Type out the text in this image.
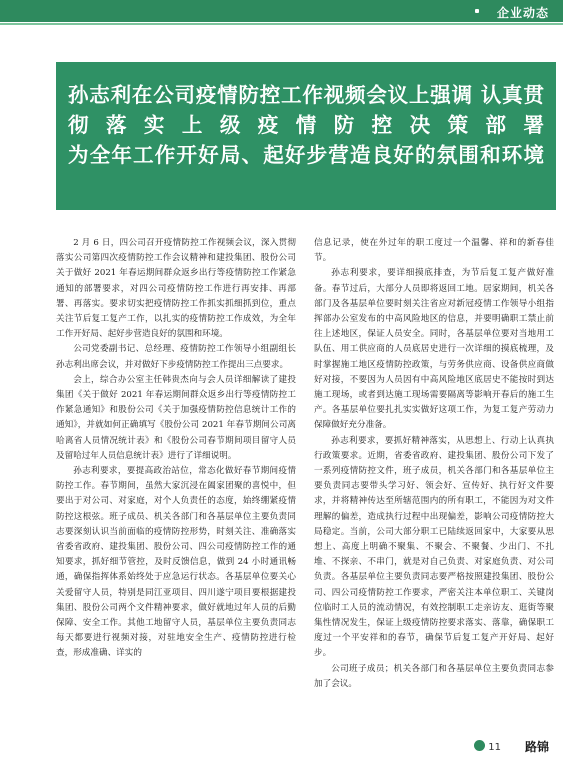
企业动态
孙志利在公司疫情防控工作视频会议上强调 认真贯
彻 落 实 上 级 疫 情 防 控 决 策 部 署
为全年工作开好局、起好步营造良好的氛围和环境

2 月 6 日，四公司召开疫情防控工作视频会议，深入贯彻落实公司第四次疫情防控工作会议精神和建投集团、股份公司关于做好 2021 年春运期间群众返乡出行等疫情防控工作紧急通知的部署要求，对四公司疫情防控工作进行再安排、再部署、再落实。要求切实把疫情防控工作抓实抓细抓到位，重点关注节后复工复产工作，以扎实的疫情防控工作成效，为全年工作开好局、起好步营造良好的氛围和环境。

公司党委副书记、总经理、疫情防控工作领导小组副组长孙志利出席会议，并对做好下步疫情防控工作提出三点要求。

会上，综合办公室主任韩贵杰向与会人员详细解读了建投集团《关于做好 2021 年春运期间群众返乡出行等疫情防控工作紧急通知》和股份公司《关于加强疫情防控信息统计工作的通知》，并就如何正确填写《股份公司 2021 年春节期间公司离哈离省人员情况统计表》和《股份公司春节期间项目留守人员及留哈过年人员信息统计表》进行了详细说明。

孙志利要求，要提高政治站位，常态化做好春节期间疫情防控工作。春节期间，虽然大家沉浸在阖家团聚的喜悦中，但要出于对公司、对家庭，对个人负责任的态度，始终绷紧疫情防控这根弦。班子成员、机关各部门和各基层单位主要负责同志要深刻认识当前面临的疫情防控形势，时刻关注、准确落实省委省政府、建投集团、股份公司、四公司疫情防控工作的通知要求，抓好细节管控，及时反馈信息，做到 24 小时通讯畅通，确保指挥体系始终处于应急运行状态。各基层单位要关心关爱留守人员，特别是同江亚项目、四川遂宁项目要根据建投集团、股份公司两个文件精神要求，做好就地过年人员的后勤保障、安全工作。其他工地留守人员，基层单位主要负责同志每天都要进行视频对接，对驻地安全生产、疫情防控进行检查，形成准确、详实的

信息记录，使在外过年的职工度过一个温馨、祥和的新春佳节。

孙志利要求，要详细摸底排查，为节后复工复产做好准备。春节过后，大部分人员即将返回工地。居家期间，机关各部门及各基层单位要时刻关注省应对新冠疫情工作领导小组指挥部办公室发布的中高风险地区的信息，并要明确职工禁止前往上述地区，保证人员安全。同时，各基层单位要对当地用工队伍、用工供应商的人员底居史进行一次详细的摸底梳理，及时掌握施工地区疫情防控政策，与劳务供应商、设备供应商做好对接，不要因为人员因有中高风险地区底居史不能按时到达施工现场，或者到达施工现场需要隔离等影响开春后的施工生产。各基层单位要扎扎实实做好这项工作，为复工复产劳动力保障做好充分准备。

孙志利要求，要抓好精神落实，从思想上、行动上认真执行政策要求。近期，省委省政府、建投集团、股份公司下发了一系列疫情防控文件，班子成员，机关各部门和各基层单位主要负责同志要带头学习好、领会好、宣传好、执行好文件要求，并将精神传达至所辖范围内的所有职工，不能因为对文件理解的偏差，造成执行过程中出现偏差，影响公司疫情防控大局稳定。当前，公司大部分职工已陆续返回家中，大家要从思想上、高度上明确不聚集、不聚会、不聚餐、少出门、不扎堆、不探亲、不串门，就是对自己负责、对家庭负责、对公司负责。各基层单位主要负责同志要严格按照建投集团、股份公司、四公司疫情防控工作要求，严密关注本单位职工、关键岗位临时工人员的流动情况，有效控制职工走亲访友、逛街等聚集性情况发生，保证上级疫情防控要求落实、落靠，确保职工度过一个平安祥和的春节，确保节后复工复产开好局、起好步。

公司班子成员；机关各部门和各基层单位主要负责同志参加了会议。

11 路锦
